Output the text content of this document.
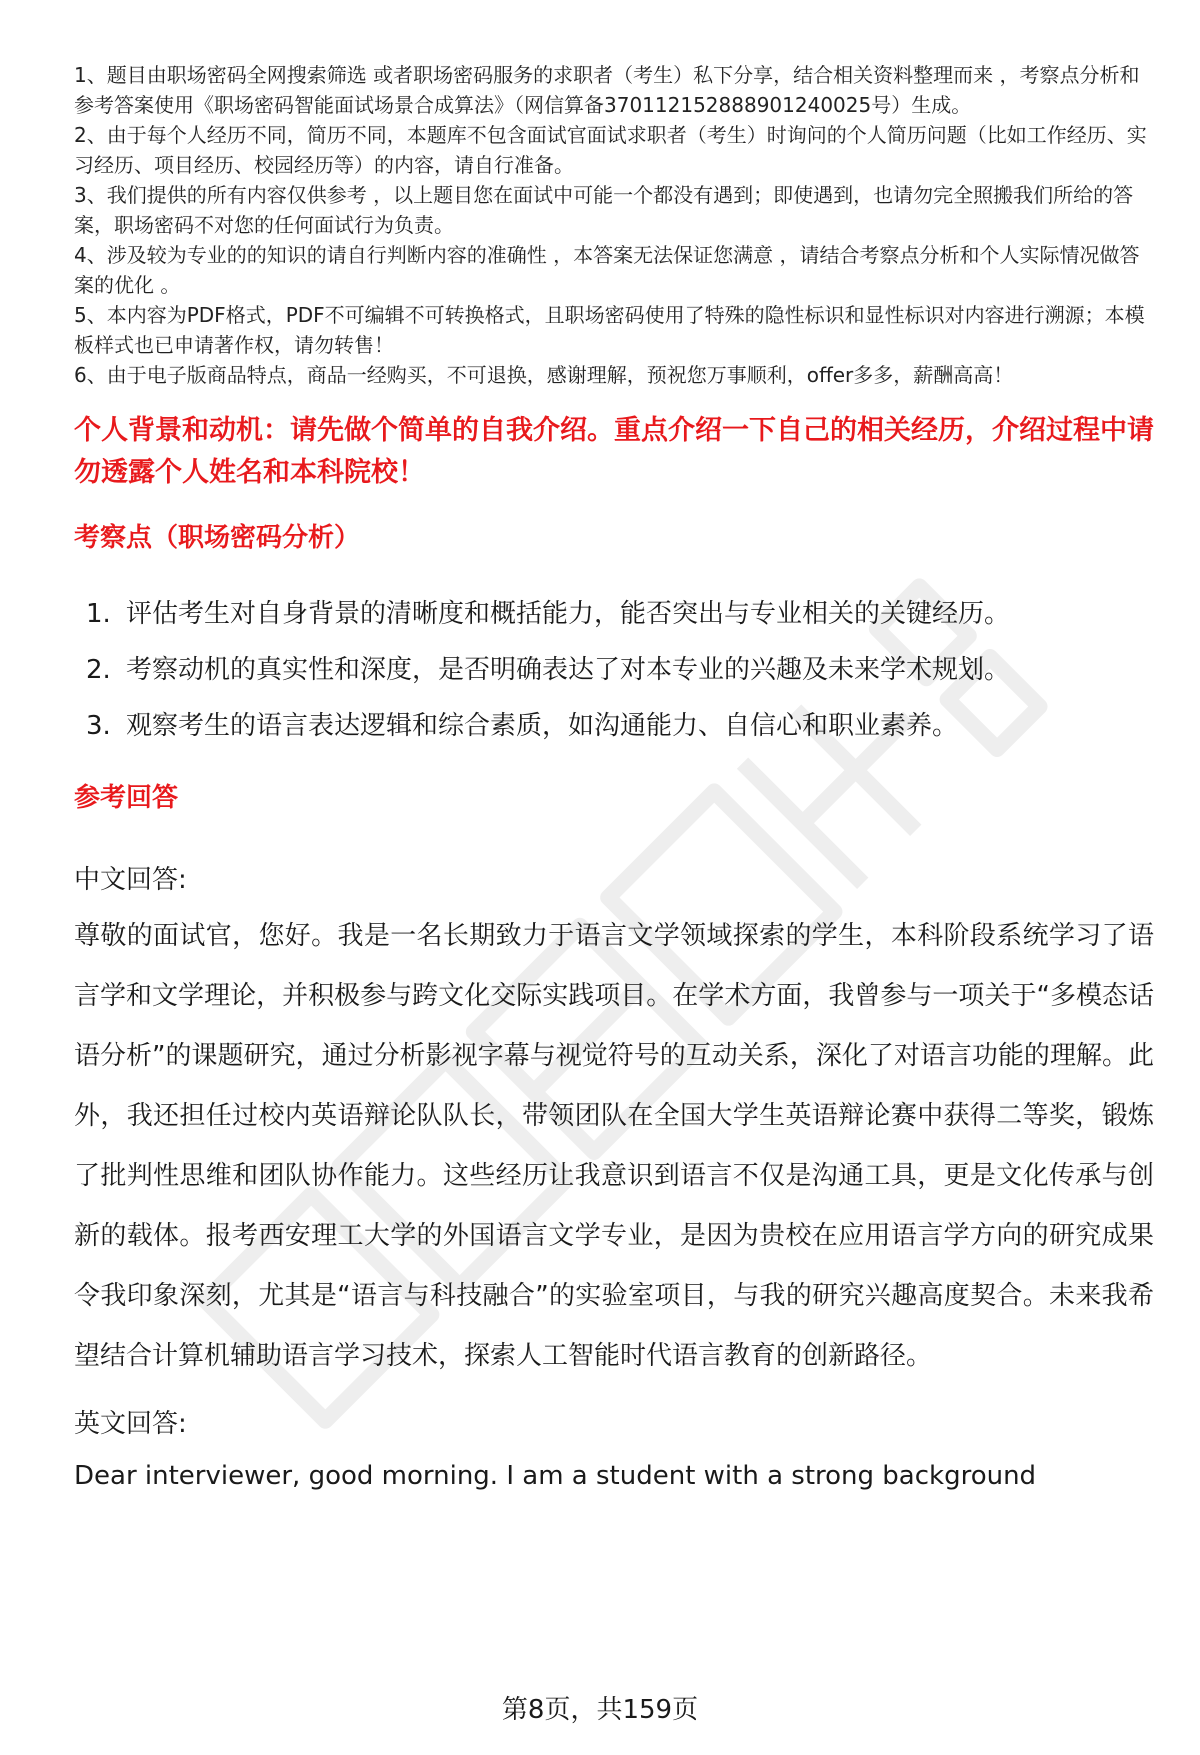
1、题目由职场密码全网搜索筛选 或者职场密码服务的求职者（考生）私下分享，结合相关资料整理而来 ，考察点分析和参考答案使用《职场密码智能面试场景合成算法》（网信算备370112152888901240025号）生成。

2、由于每个人经历不同，简历不同，本题库不包含面试官面试求职者（考生）时询问的个人简历问题（比如工作经历、实习经历、项目经历、校园经历等）的内容，请自行准备。

3、我们提供的所有内容仅供参考 ，以上题目您在面试中可能一个都没有遇到；即使遇到，也请勿完全照搬我们所给的答案，职场密码不对您的任何面试行为负责。

4、涉及较为专业的的知识的请自行判断内容的准确性 ，本答案无法保证您满意 ，请结合考察点分析和个人实际情况做答案的优化 。

5、本内容为PDF格式，PDF不可编辑不可转换格式，且职场密码使用了特殊的隐性标识和显性标识对内容进行溯源；本模板样式也已申请著作权，请勿转售！

6、由于电子版商品特点，商品一经购买，不可退换，感谢理解，预祝您万事顺利，offer多多，薪酬高高！

个人背景和动机：请先做个简单的自我介绍。重点介绍一下自己的相关经历，介绍过程中请勿透露个人姓名和本科院校！
考察点（职场密码分析）
1. 评估考生对自身背景的清晰度和概括能力，能否突出与专业相关的关键经历。
2. 考察动机的真实性和深度，是否明确表达了对本专业的兴趣及未来学术规划。
3. 观察考生的语言表达逻辑和综合素质，如沟通能力、自信心和职业素养。
参考回答
中文回答:
尊敬的面试官，您好。我是一名长期致力于语言文学领域探索的学生，本科阶段系统学习了语言学和文学理论，并积极参与跨文化交际实践项目。在学术方面，我曾参与一项关于“多模态话语分析”的课题研究，通过分析影视字幕与视觉符号的互动关系，深化了对语言功能的理解。此外，我还担任过校内英语辩论队队长，带领团队在全国大学生英语辩论赛中获得二等奖，锻炼了批判性思维和团队协作能力。这些经历让我意识到语言不仅是沟通工具，更是文化传承与创新的载体。报考西安理工大学的外国语言文学专业，是因为贵校在应用语言学方向的研究成果令我印象深刻，尤其是“语言与科技融合”的实验室项目，与我的研究兴趣高度契合。未来我希望结合计算机辅助语言学习技术，探索人工智能时代语言教育的创新路径。
英文回答:
Dear interviewer, good morning. I am a student with a strong background
第8页，共159页
